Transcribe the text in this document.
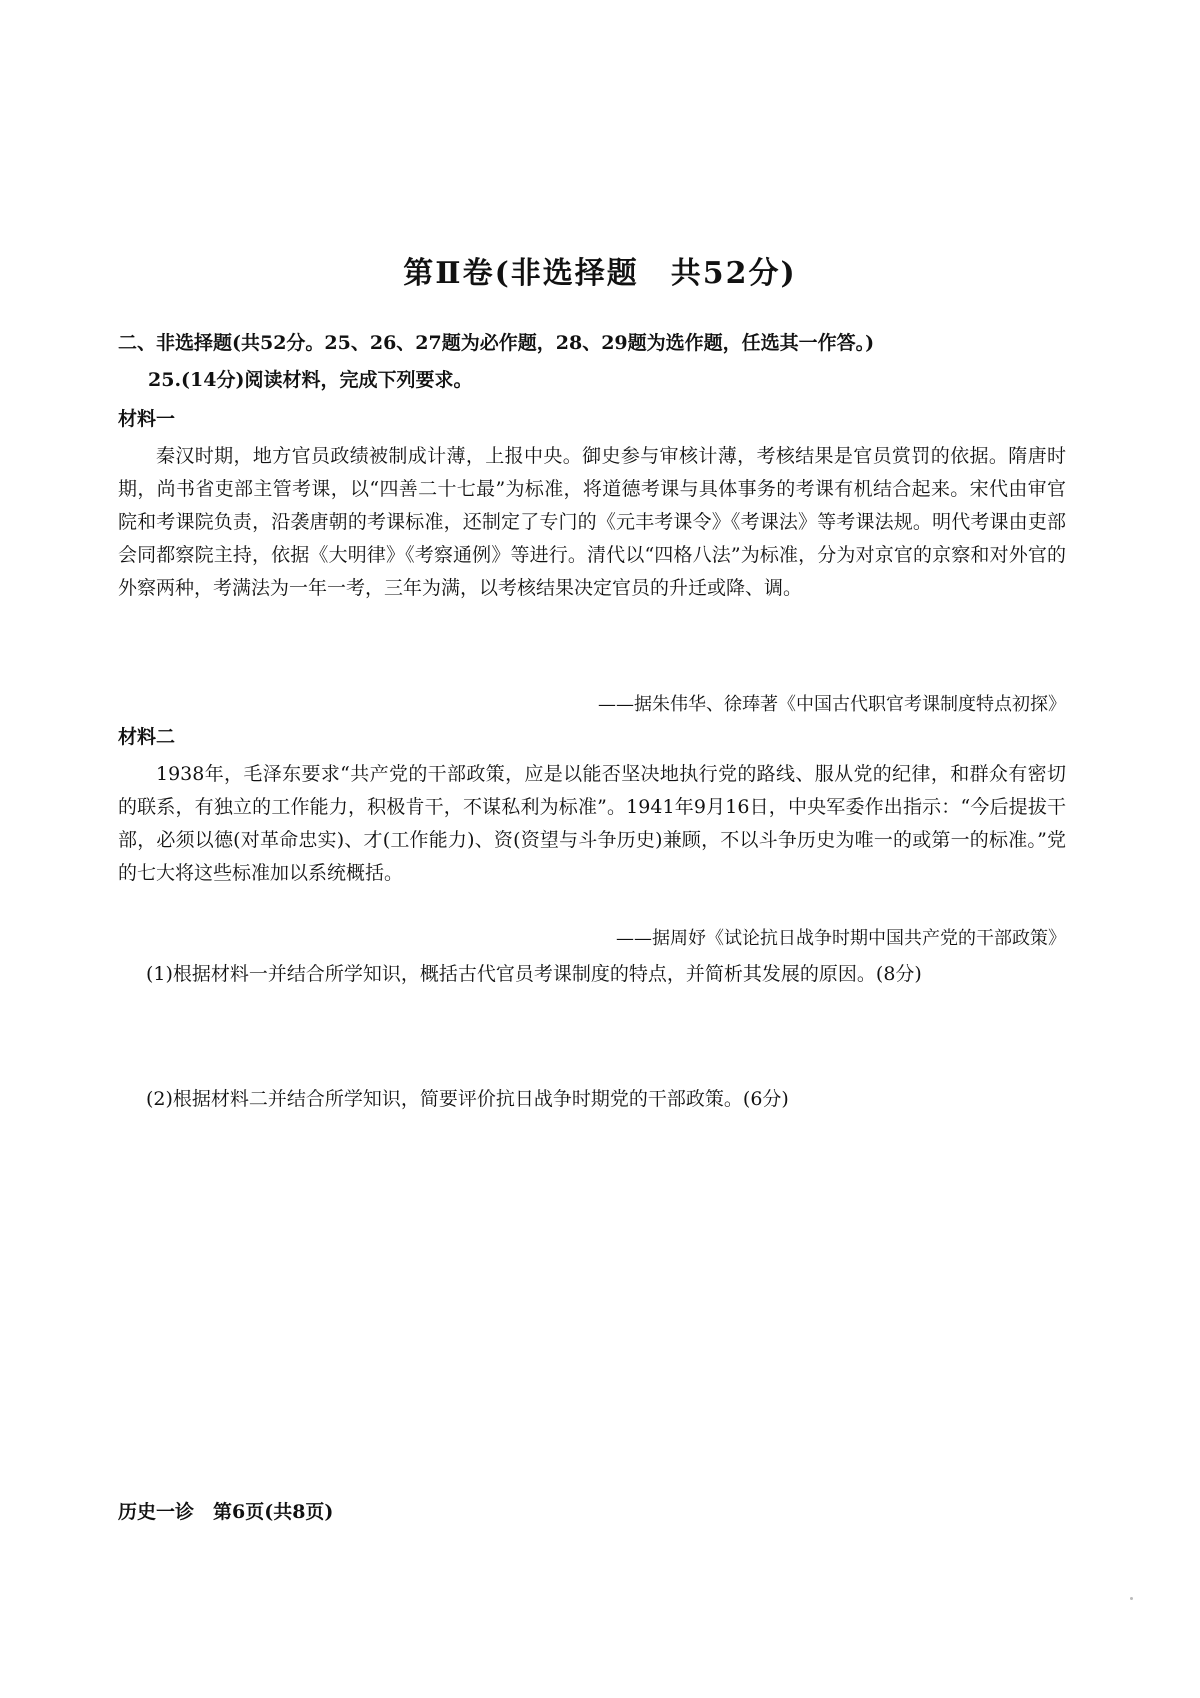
第Ⅱ卷(非选择题　共52分)
二、非选择题(共52分。25、26、27题为必作题，28、29题为选作题，任选其一作答。)
25.(14分)阅读材料，完成下列要求。
材料一
秦汉时期，地方官员政绩被制成计薄，上报中央。御史参与审核计薄，考核结果是官员赏罚的依据。隋唐时期，尚书省吏部主管考课，以“四善二十七最”为标准，将道德考课与具体事务的考课有机结合起来。宋代由审官院和考课院负责，沿袭唐朝的考课标准，还制定了专门的《元丰考课令》《考课法》等考课法规。明代考课由吏部会同都察院主持，依据《大明律》《考察通例》等进行。清代以“四格八法”为标准，分为对京官的京察和对外官的外察两种，考满法为一年一考，三年为满，以考核结果决定官员的升迁或降、调。
——据朱伟华、徐琫著《中国古代职官考课制度特点初探》
材料二
1938年，毛泽东要求“共产党的干部政策，应是以能否坚决地执行党的路线、服从党的纪律，和群众有密切的联系，有独立的工作能力，积极肯干，不谋私利为标准”。1941年9月16日，中央军委作出指示：“今后提拔干部，必须以德(对革命忠实)、才(工作能力)、资(资望与斗争历史)兼顾，不以斗争历史为唯一的或第一的标准。”党的七大将这些标准加以系统概括。
——据周妤《试论抗日战争时期中国共产党的干部政策》
(1)根据材料一并结合所学知识，概括古代官员考课制度的特点，并简析其发展的原因。(8分)
(2)根据材料二并结合所学知识，简要评价抗日战争时期党的干部政策。(6分)
历史一诊　第6页(共8页)
